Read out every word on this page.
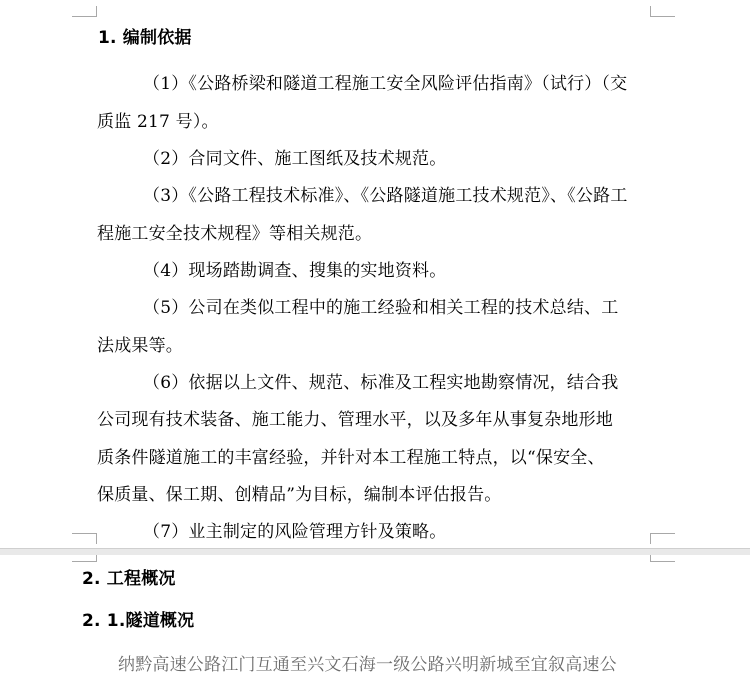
1. 编制依据
（1）《公路桥梁和隧道工程施工安全风险评估指南》（试行）（交
质监 217 号）。
（2）合同文件、施工图纸及技术规范。
（3）《公路工程技术标准》、《公路隧道施工技术规范》、《公路工
程施工安全技术规程》等相关规范。
（4）现场踏勘调查、搜集的实地资料。
（5）公司在类似工程中的施工经验和相关工程的技术总结、工
法成果等。
（6）依据以上文件、规范、标准及工程实地勘察情况，结合我
公司现有技术装备、施工能力、管理水平，以及多年从事复杂地形地
质条件隧道施工的丰富经验，并针对本工程施工特点，以“保安全、
保质量、保工期、创精品”为目标，编制本评估报告。
（7）业主制定的风险管理方针及策略。
2. 工程概况
2. 1.隧道概况
纳黔高速公路江门互通至兴文石海一级公路兴明新城至宜叙高速公
